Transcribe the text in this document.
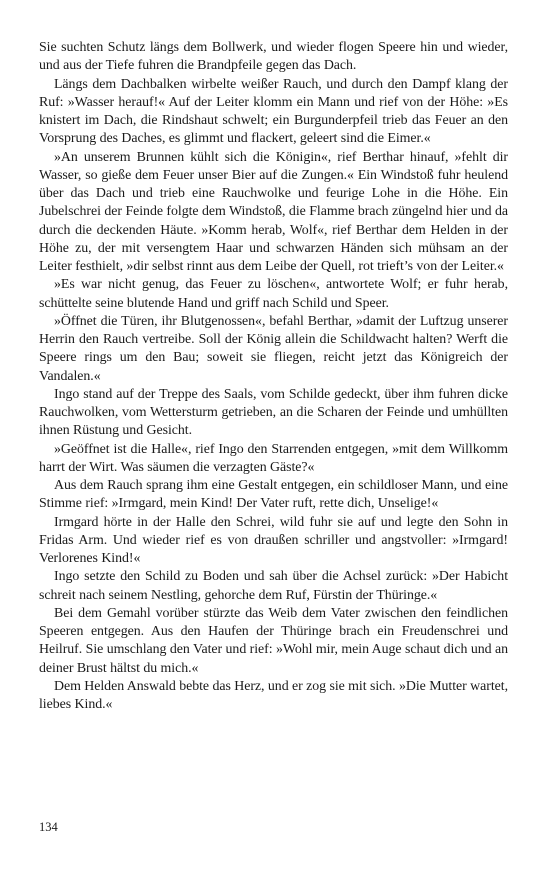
Sie suchten Schutz längs dem Bollwerk, und wieder flogen Speere hin und wieder, und aus der Tiefe fuhren die Brandpfeile gegen das Dach.

Längs dem Dachbalken wirbelte weißer Rauch, und durch den Dampf klang der Ruf: »Wasser herauf!« Auf der Leiter klomm ein Mann und rief von der Höhe: »Es knistert im Dach, die Rindshaut schwelt; ein Burgunderpfeil trieb das Feuer an den Vorsprung des Daches, es glimmt und flackert, geleert sind die Eimer.«

»An unserem Brunnen kühlt sich die Königin«, rief Berthar hinauf, »fehlt dir Wasser, so gieße dem Feuer unser Bier auf die Zungen.« Ein Windstoß fuhr heulend über das Dach und trieb eine Rauchwolke und feurige Lohe in die Höhe. Ein Jubelschrei der Feinde folgte dem Windstoß, die Flamme brach züngelnd hier und da durch die deckenden Häute. »Komm herab, Wolf«, rief Berthar dem Helden in der Höhe zu, der mit versengtem Haar und schwarzen Händen sich mühsam an der Leiter festhielt, »dir selbst rinnt aus dem Leibe der Quell, rot trieft’s von der Leiter.«

»Es war nicht genug, das Feuer zu löschen«, antwortete Wolf; er fuhr herab, schüttelte seine blutende Hand und griff nach Schild und Speer.

»Öffnet die Türen, ihr Blutgenossen«, befahl Berthar, »damit der Luftzug unserer Herrin den Rauch vertreibe. Soll der König allein die Schildwacht halten? Werft die Speere rings um den Bau; soweit sie fliegen, reicht jetzt das Königreich der Vandalen.«

Ingo stand auf der Treppe des Saals, vom Schilde gedeckt, über ihm fuhren dicke Rauchwolken, vom Wettersturm getrieben, an die Scharen der Feinde und umhüllten ihnen Rüstung und Gesicht.

»Geöffnet ist die Halle«, rief Ingo den Starrenden entgegen, »mit dem Willkomm harrt der Wirt. Was säumen die verzagten Gäste?«

Aus dem Rauch sprang ihm eine Gestalt entgegen, ein schildloser Mann, und eine Stimme rief: »Irmgard, mein Kind! Der Vater ruft, rette dich, Unselige!«

Irmgard hörte in der Halle den Schrei, wild fuhr sie auf und legte den Sohn in Fridas Arm. Und wieder rief es von draußen schriller und angstvoller: »Irmgard! Verlorenes Kind!«

Ingo setzte den Schild zu Boden und sah über die Achsel zurück: »Der Habicht schreit nach seinem Nestling, gehorche dem Ruf, Fürstin der Thüringe.«

Bei dem Gemahl vorüber stürzte das Weib dem Vater zwischen den feindlichen Speeren entgegen. Aus den Haufen der Thüringe brach ein Freudenschrei und Heilruf. Sie umschlang den Vater und rief: »Wohl mir, mein Auge schaut dich und an deiner Brust hältst du mich.«

Dem Helden Answald bebte das Herz, und er zog sie mit sich. »Die Mutter wartet, liebes Kind.«

134
